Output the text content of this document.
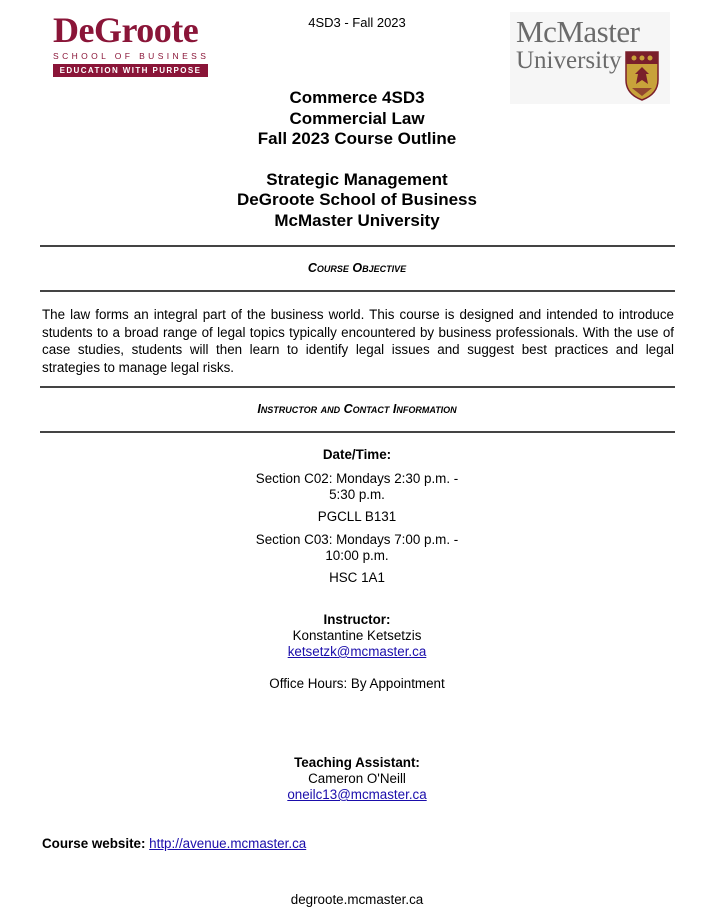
4SD3 - Fall 2023
DeGroote
SCHOOL OF BUSINESS
EDUCATION WITH PURPOSE
McMaster
University
Commerce 4SD3
Commercial Law
Fall 2023 Course Outline
Strategic Management
DeGroote School of Business
McMaster University
Course Objective
The law forms an integral part of the business world. This course is designed and intended to introduce students to a broad range of legal topics typically encountered by business professionals. With the use of case studies, students will then learn to identify legal issues and suggest best practices and legal strategies to manage legal risks.
Instructor and Contact Information
Date/Time:
Section C02: Mondays 2:30 p.m. - 5:30 p.m.
PGCLL B131
Section C03: Mondays 7:00 p.m. - 10:00 p.m.
HSC 1A1
Instructor:
Konstantine Ketsetzis
ketsetzk@mcmaster.ca
Office Hours: By Appointment
Teaching Assistant:
Cameron O'Neill
oneilc13@mcmaster.ca
Course website: http://avenue.mcmaster.ca
degroote.mcmaster.ca
